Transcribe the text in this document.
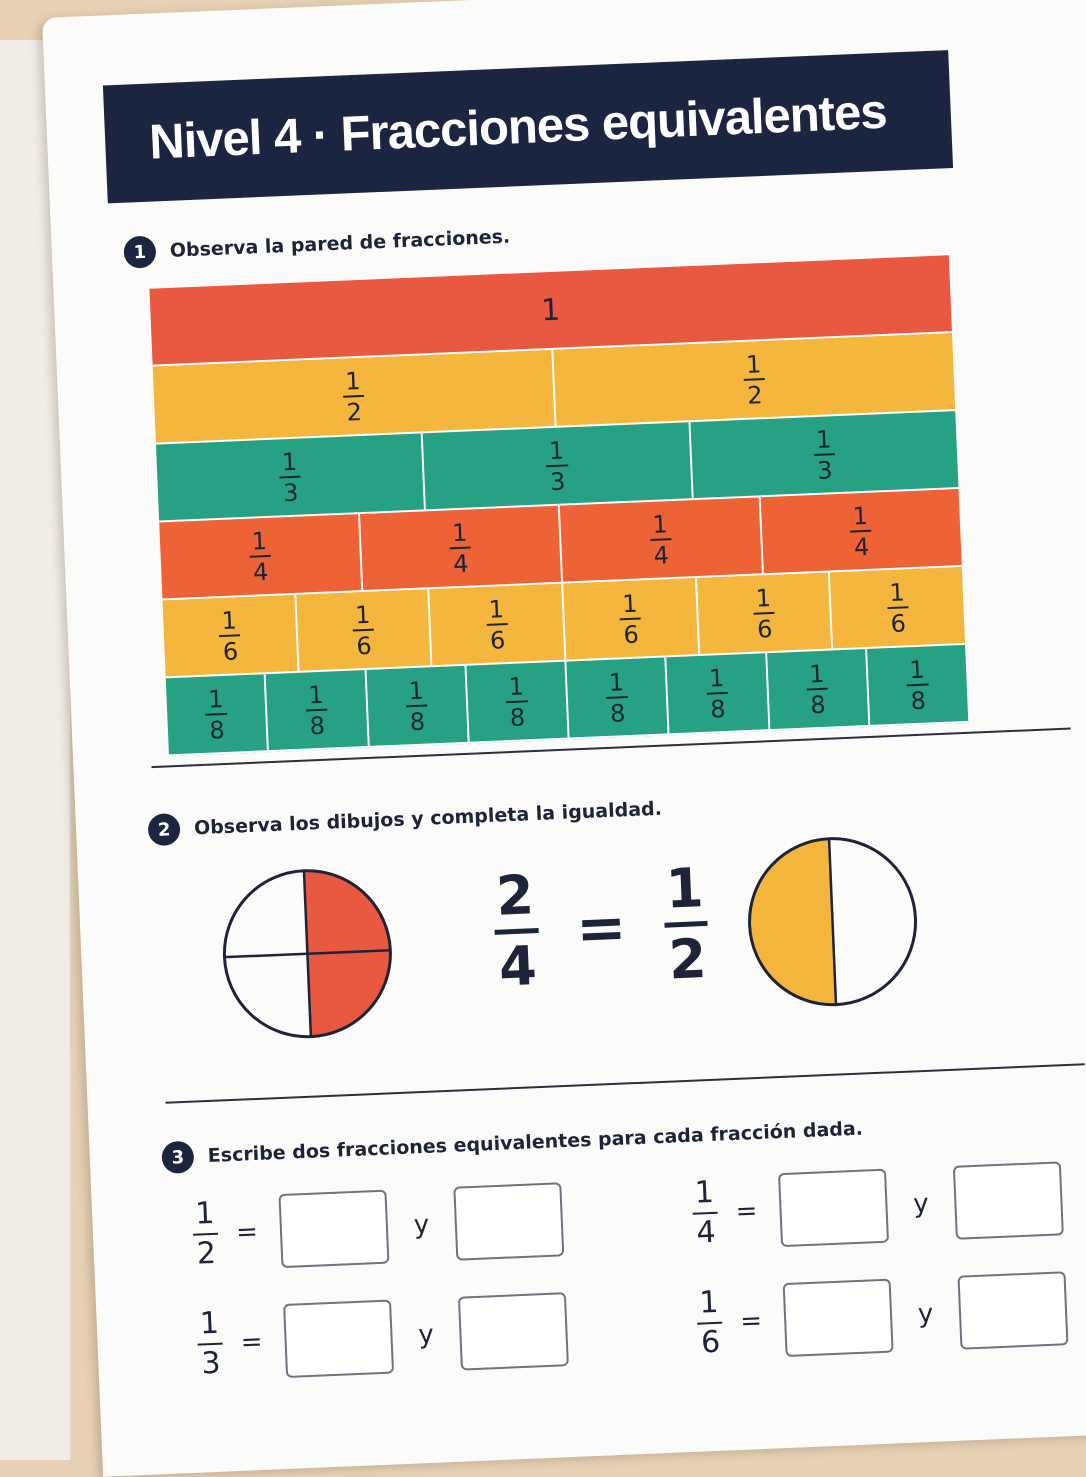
Nivel 4 · Fracciones equivalentes
1	Observa la pared de fracciones.
1
$\frac{1}{2}$	$\frac{1}{2}$
$\frac{1}{3}$	$\frac{1}{3}$	$\frac{1}{3}$
$\frac{1}{4}$	$\frac{1}{4}$	$\frac{1}{4}$	$\frac{1}{4}$
$\frac{1}{6}$	$\frac{1}{6}$	$\frac{1}{6}$	$\frac{1}{6}$	$\frac{1}{6}$	$\frac{1}{6}$
$\frac{1}{8}$	$\frac{1}{8}$	$\frac{1}{8}$	$\frac{1}{8}$	$\frac{1}{8}$	$\frac{1}{8}$	$\frac{1}{8}$	$\frac{1}{8}$
2	Observa los dibujos y completa la igualdad.
$\frac{2}{4} = \frac{1}{2}$
3	Escribe dos fracciones equivalentes para cada fracción dada.
$\frac{1}{2}$ =	y	$\frac{1}{4}$ =	y
$\frac{1}{3}$ =	y	$\frac{1}{6}$ =	y
